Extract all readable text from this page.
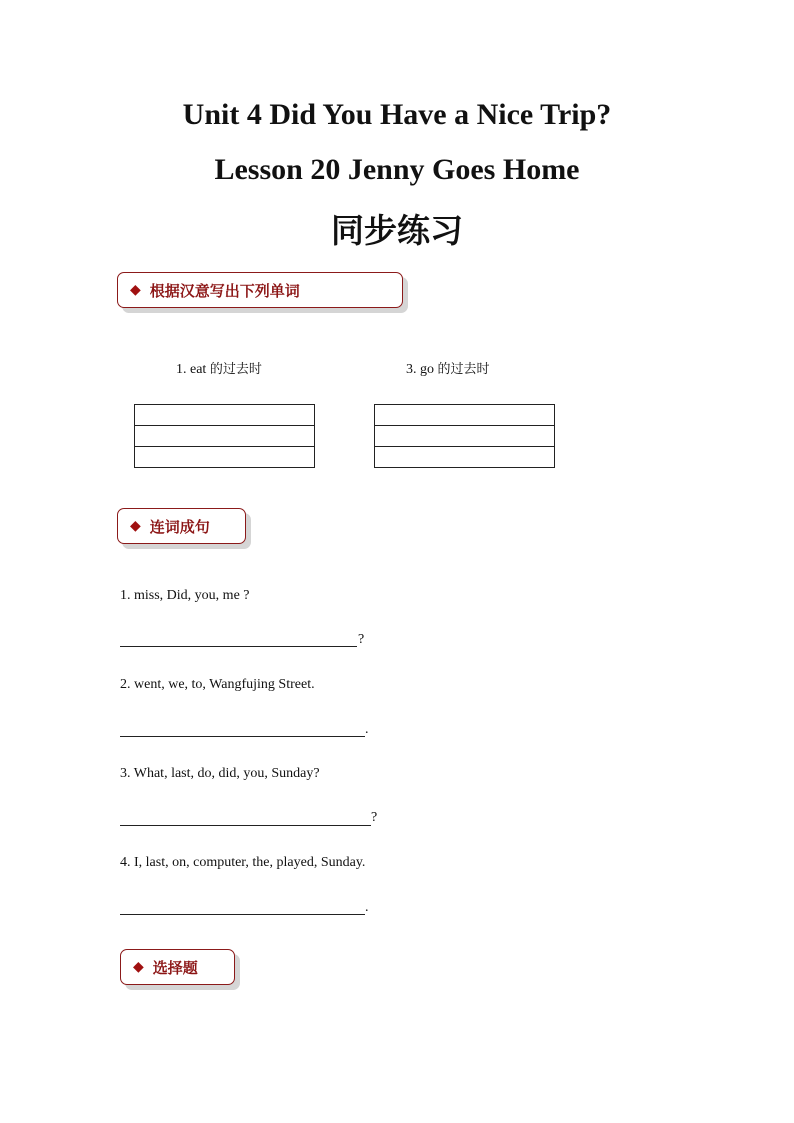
Unit 4 Did You Have a Nice Trip?
Lesson 20 Jenny Goes Home
同步练习
◆ 根据汉意写出下列单词
1. eat 的过去时	3. go 的过去时
◆ 连词成句
1. miss, Did, you, me ?
?
2. went, we, to, Wangfujing Street.
.
3. What, last, do, did, you, Sunday?
?
4. I, last, on, computer, the, played, Sunday.
.
◆ 选择题
